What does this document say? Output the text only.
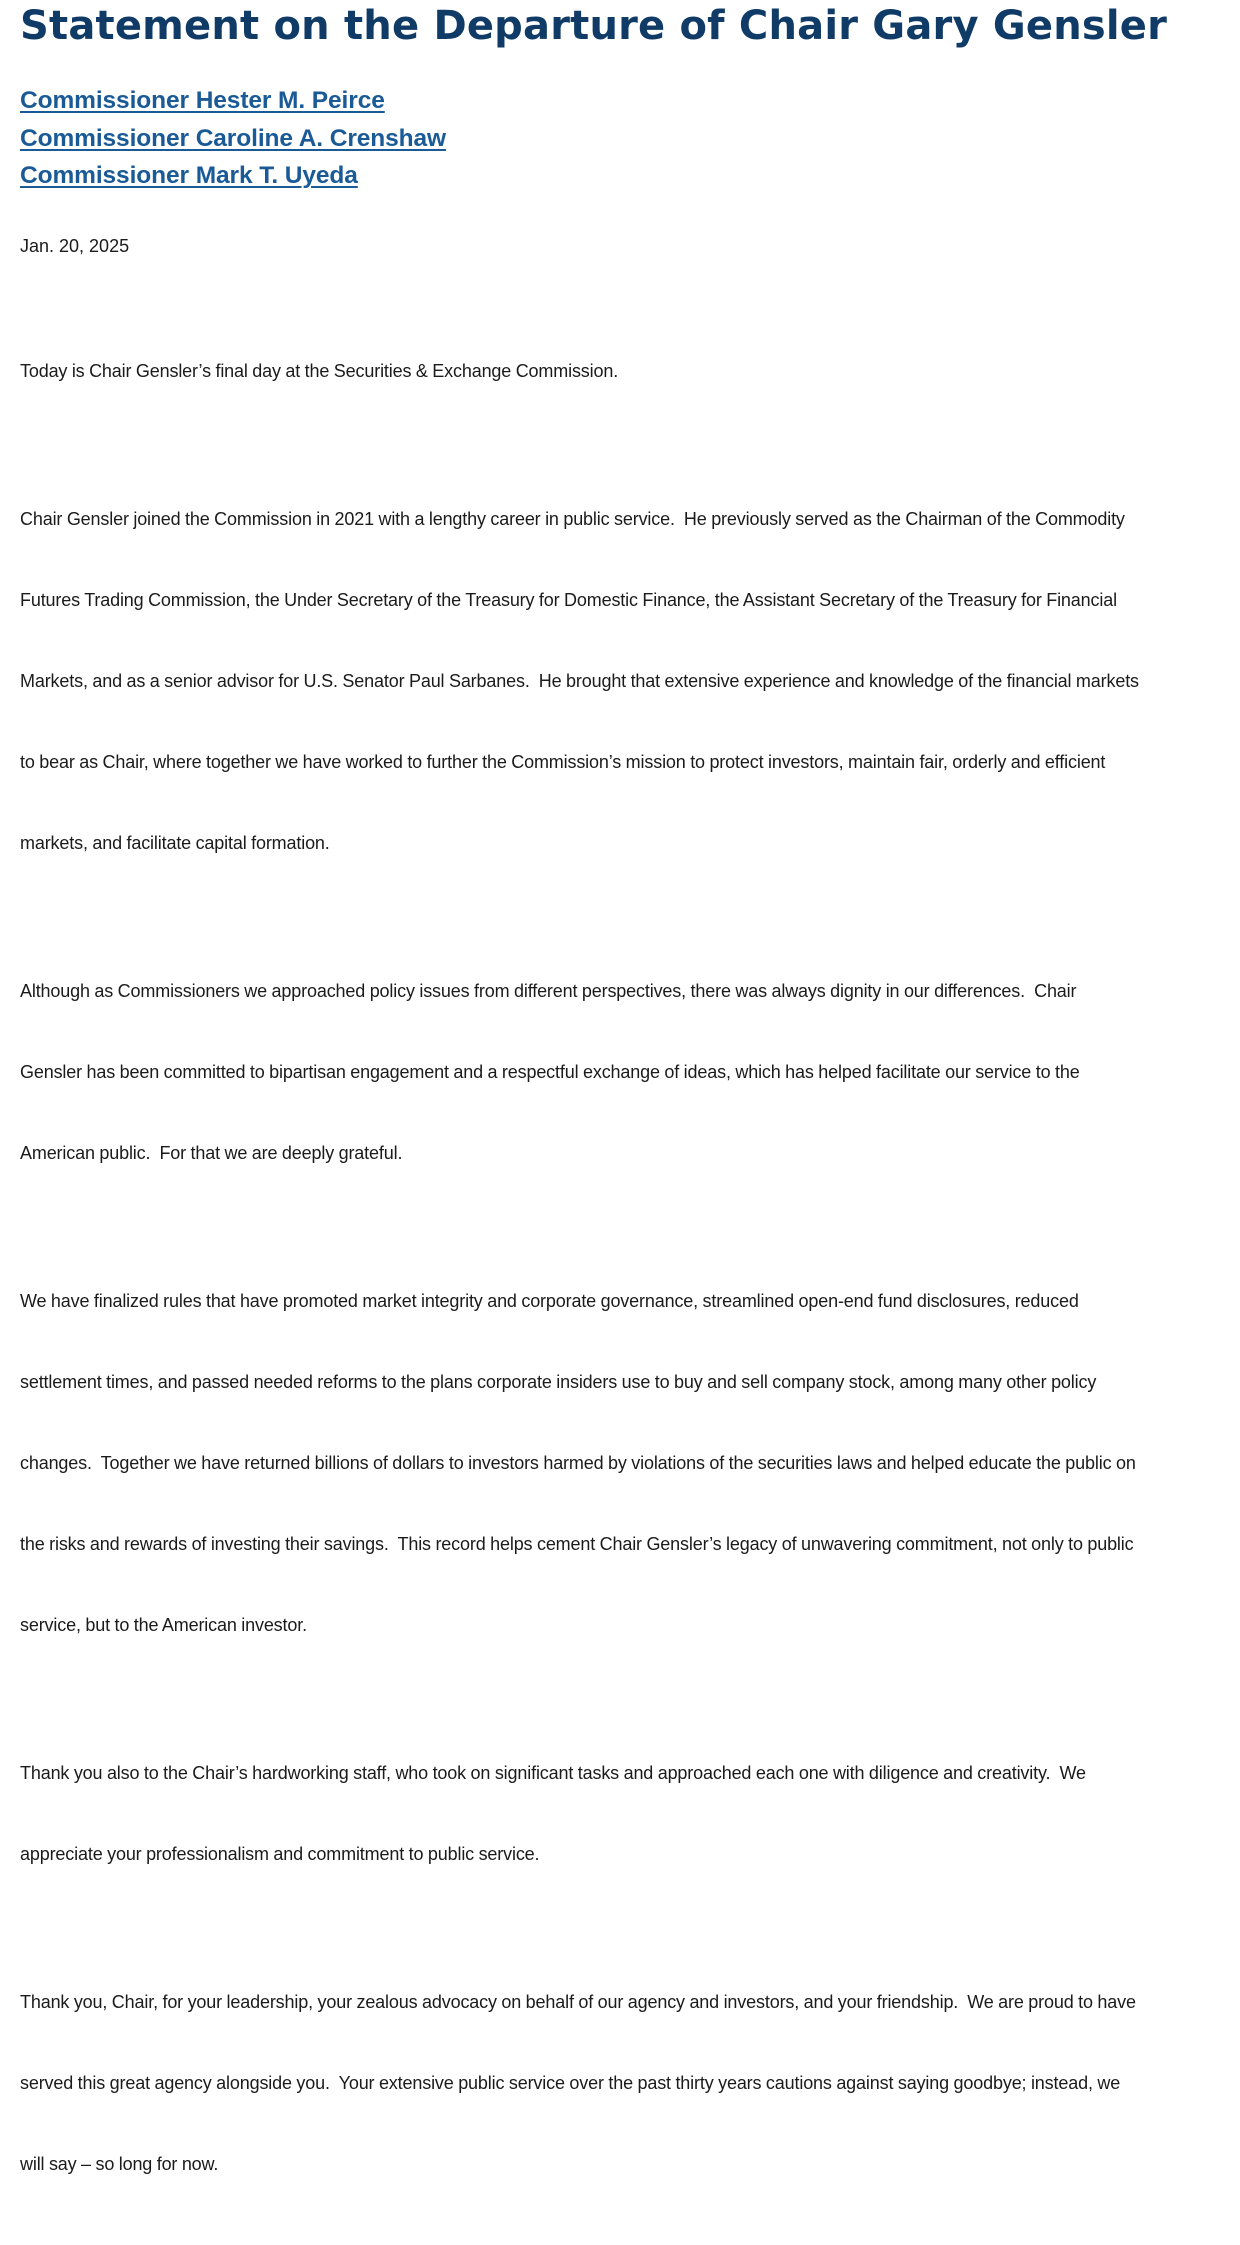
Statement on the Departure of Chair Gary Gensler
Commissioner Hester M. Peirce
Commissioner Caroline A. Crenshaw
Commissioner Mark T. Uyeda
Jan. 20, 2025

Today is Chair Gensler’s final day at the Securities & Exchange Commission.

Chair Gensler joined the Commission in 2021 with a lengthy career in public service.  He previously served as the Chairman of the Commodity

Futures Trading Commission, the Under Secretary of the Treasury for Domestic Finance, the Assistant Secretary of the Treasury for Financial

Markets, and as a senior advisor for U.S. Senator Paul Sarbanes.  He brought that extensive experience and knowledge of the financial markets

to bear as Chair, where together we have worked to further the Commission’s mission to protect investors, maintain fair, orderly and efficient

markets, and facilitate capital formation.

Although as Commissioners we approached policy issues from different perspectives, there was always dignity in our differences.  Chair

Gensler has been committed to bipartisan engagement and a respectful exchange of ideas, which has helped facilitate our service to the

American public.  For that we are deeply grateful.

We have finalized rules that have promoted market integrity and corporate governance, streamlined open-end fund disclosures, reduced

settlement times, and passed needed reforms to the plans corporate insiders use to buy and sell company stock, among many other policy

changes.  Together we have returned billions of dollars to investors harmed by violations of the securities laws and helped educate the public on

the risks and rewards of investing their savings.  This record helps cement Chair Gensler’s legacy of unwavering commitment, not only to public

service, but to the American investor.

Thank you also to the Chair’s hardworking staff, who took on significant tasks and approached each one with diligence and creativity.  We

appreciate your professionalism and commitment to public service.

Thank you, Chair, for your leadership, your zealous advocacy on behalf of our agency and investors, and your friendship.  We are proud to have

served this great agency alongside you.  Your extensive public service over the past thirty years cautions against saying goodbye; instead, we

will say – so long for now.
